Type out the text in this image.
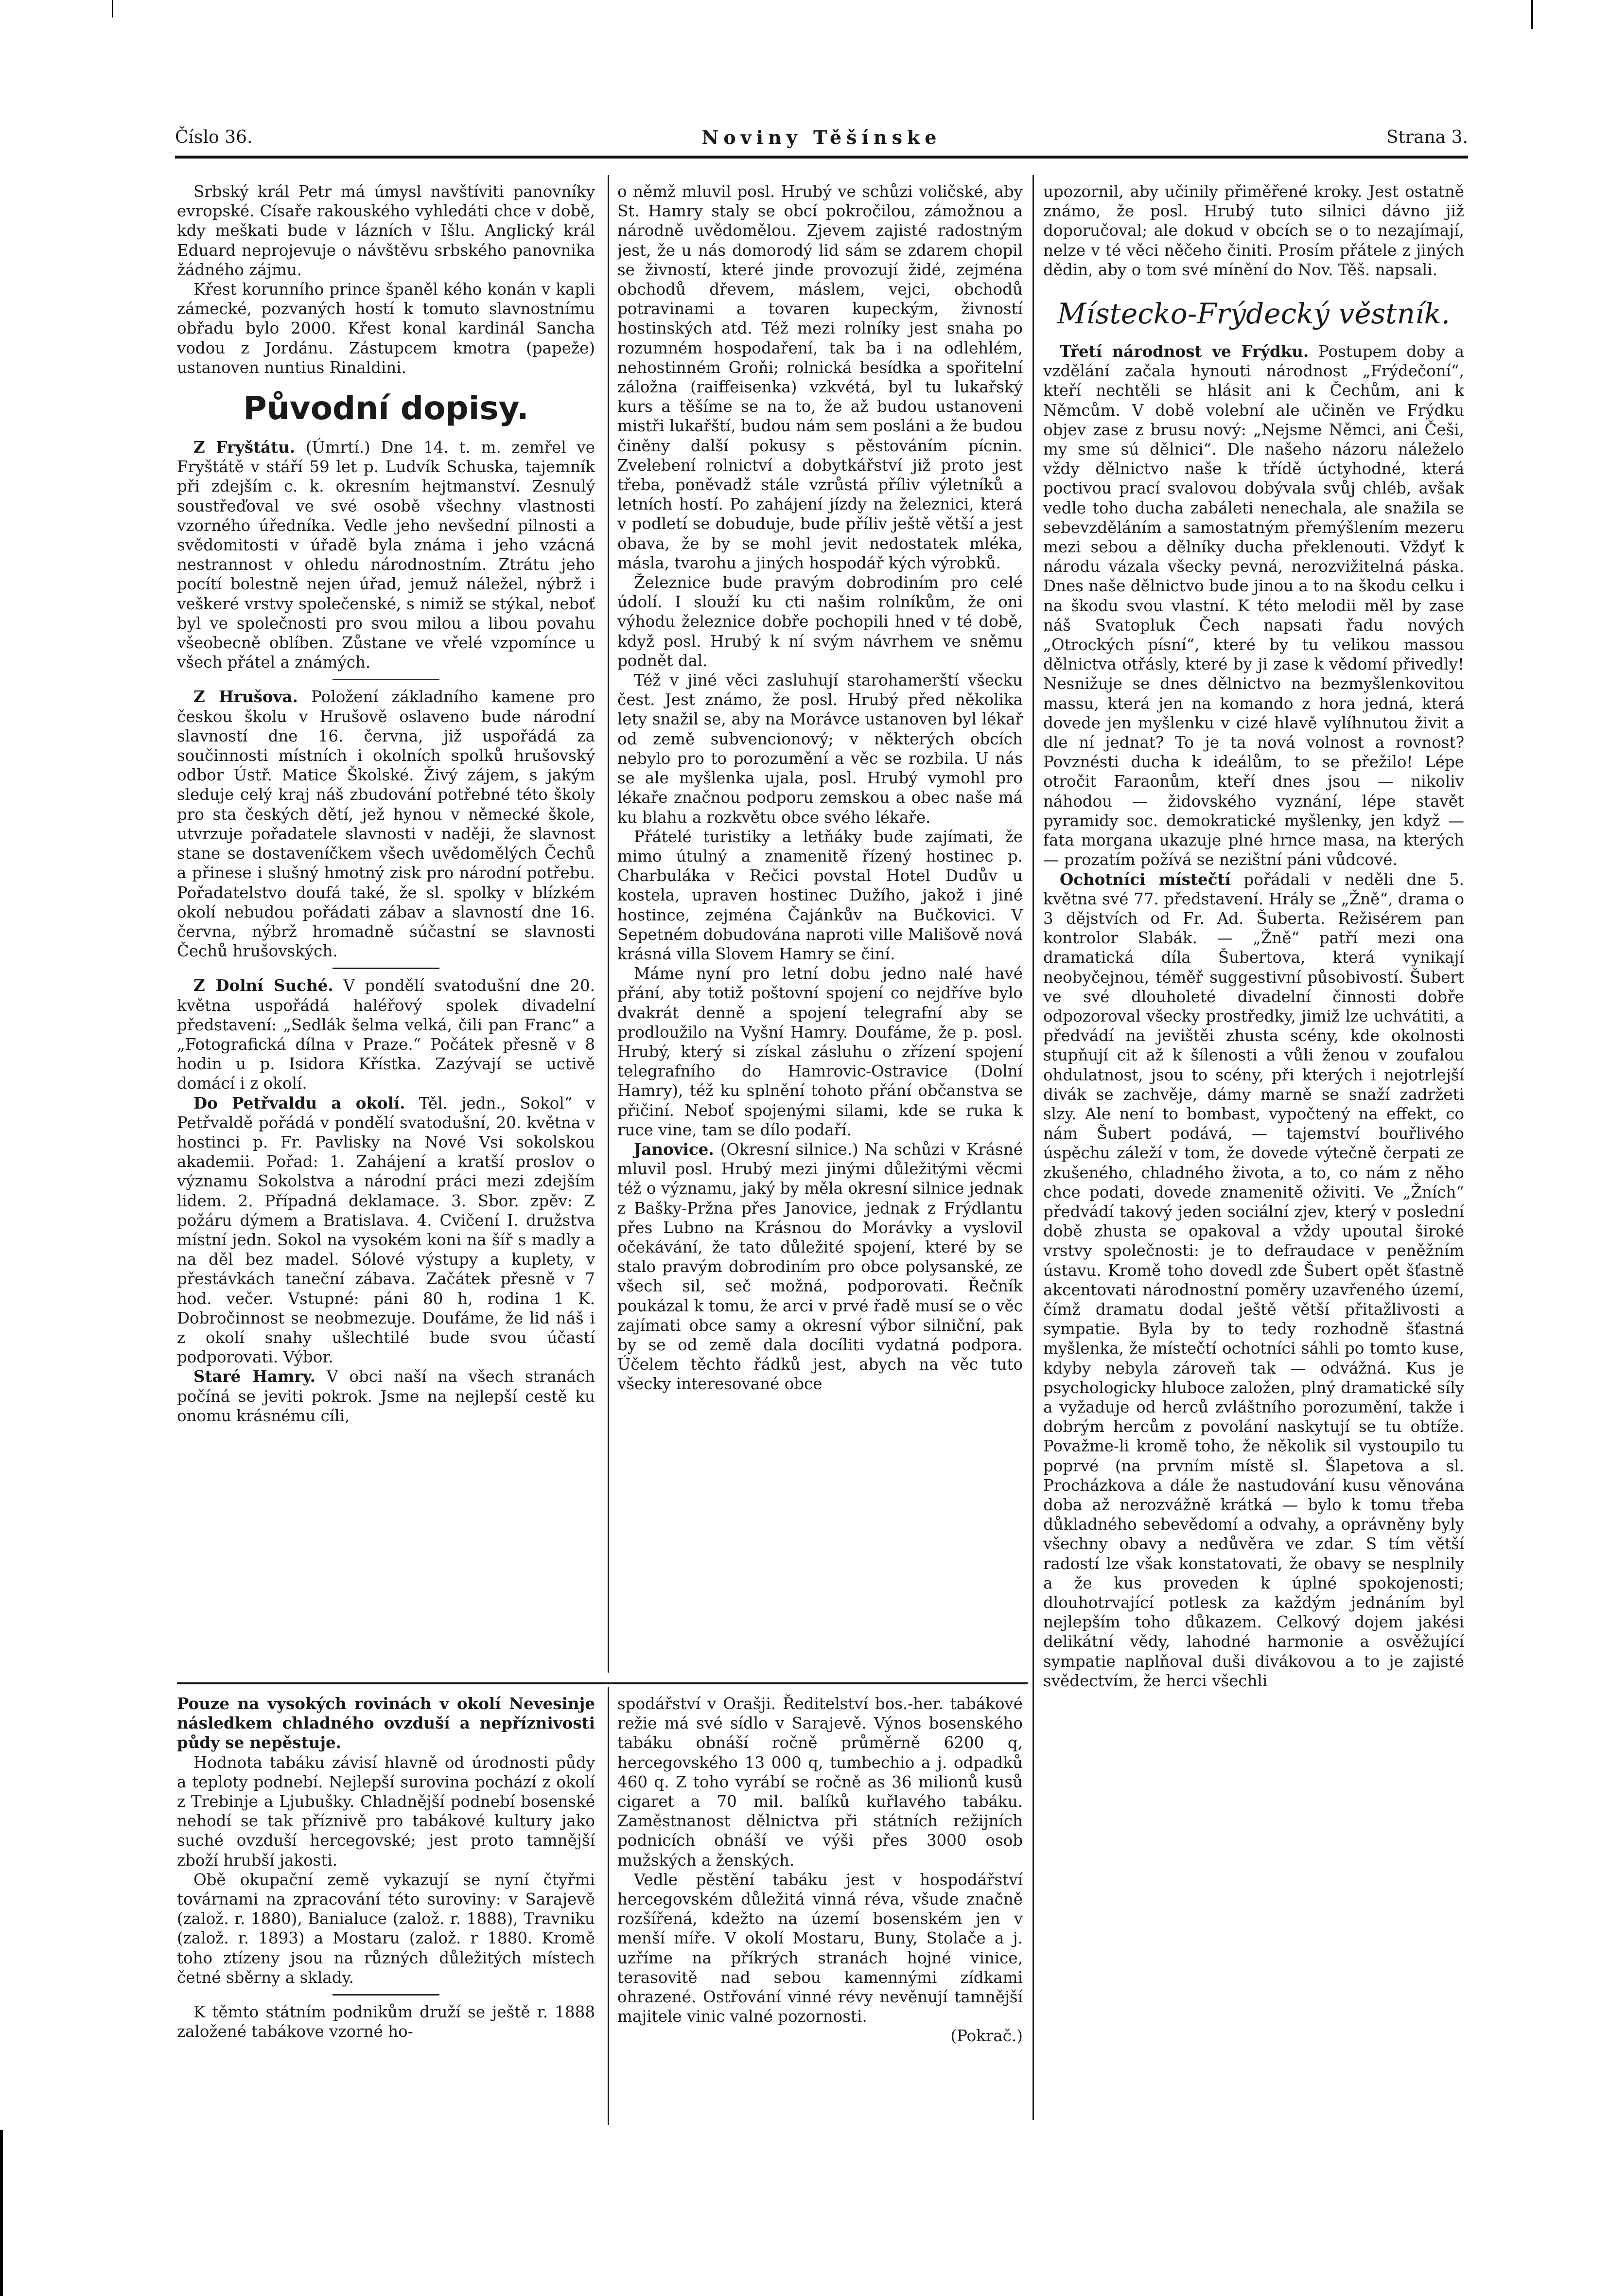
Číslo 36.	Noviny Těšínske	Strana 3.

Srbský král Petr má úmysl navštíviti panovníky evropské. Císaře rakouského vyhledáti chce v době, kdy meškati bude v lázních v Išlu. Anglický král Eduard neprojevuje o návštěvu srbského panovnika žádného zájmu.

Křest korunního prince španěl kého konán v kapli zámecké, pozvaných hostí k tomuto slavnostnímu obřadu bylo 2000. Křest konal kardinál Sancha vodou z Jordánu. Zástupcem kmotra (papeže) ustanoven nuntius Rinaldini.

Původní dopisy.

Z Fryštátu. (Úmrtí.) Dne 14. t. m. zemřel ve Fryštátě v stáří 59 let p. Ludvík Schuska, tajemník při zdejším c. k. okresním hejtmanství. Zesnulý soustřeďoval ve své osobě všechny vlastnosti vzorného úředníka. Vedle jeho nevšední pilnosti a svědomitosti v úřadě byla známa i jeho vzácná nestrannost v ohledu národnostním. Ztrátu jeho pocítí bolestně nejen úřad, jemuž náležel, nýbrž i veškeré vrstvy společenské, s nimiž se stýkal, neboť byl ve společnosti pro svou milou a libou povahu všeobecně oblíben. Zůstane ve vřelé vzpomínce u všech přátel a známých.

Z Hrušova. Položení základního kamene pro českou školu v Hrušově oslaveno bude národní slavností dne 16. června, již uspořádá za součinnosti místních i okolních spolků hrušovský odbor Ústř. Matice Školské. Živý zájem, s jakým sleduje celý kraj náš zbudování potřebné této školy pro sta českých dětí, jež hynou v německé škole, utvrzuje pořadatele slavnosti v naději, že slavnost stane se dostaveníčkem všech uvědomělých Čechů a přinese i slušný hmotný zisk pro národní potřebu. Pořadatelstvo doufá také, že sl. spolky v blízkém okolí nebudou pořádati zábav a slavností dne 16. června, nýbrž hromadně súčastní se slavnosti Čechů hrušovských.

Z Dolní Suché. V pondělí svatodušní dne 20. května uspořádá haléřový spolek divadelní představení: „Sedlák šelma velká, čili pan Franc“ a „Fotografická dílna v Praze.“ Počátek přesně v 8 hodin u p. Isidora Křístka. Zazývají se uctivě domácí i z okolí.

Do Petřvaldu a okolí. Těl. jedn., Sokol“ v Petřvaldě pořádá v pondělí svatodušní, 20. května v hostinci p. Fr. Pavlisky na Nové Vsi sokolskou akademii. Pořad: 1. Zahájení a kratší proslov o významu Sokolstva a národní práci mezi zdejším lidem. 2. Případná deklamace. 3. Sbor. zpěv: Z požáru dýmem a Bratislava. 4. Cvičení I. družstva místní jedn. Sokol na vysokém koni na šíř s madly a na děl bez madel. Sólové výstupy a kuplety, v přestávkách taneční zábava. Začátek přesně v 7 hod. večer. Vstupné: páni 80 h, rodina 1 K. Dobročinnost se neobmezuje. Doufáme, že lid náš i z okolí snahy ušlechtilé bude svou účastí podporovati. Výbor.

Staré Hamry. V obci naší na všech stranách počíná se jeviti pokrok. Jsme na nejlepší cestě ku onomu krásnému cíli,

o němž mluvil posl. Hrubý ve schůzi voličské, aby St. Hamry staly se obcí pokročilou, zámožnou a národně uvědomělou. Zjevem zajisté radostným jest, že u nás domorodý lid sám se zdarem chopil se živností, které jinde provozují židé, zejména obchodů dřevem, máslem, vejci, obchodů potravinami a tovaren kupeckým, živností hostinských atd. Též mezi rolníky jest snaha po rozumném hospodaření, tak ba i na odlehlém, nehostinném Groňi; rolnická besídka a spořitelní záložna (raiffeisenka) vzkvétá, byl tu lukařský kurs a těšíme se na to, že až budou ustanoveni mistři lukařští, budou nám sem posláni a že budou činěny další pokusy s pěstováním pícnin. Zvelebení rolnictví a dobytkářství již proto jest třeba, poněvadž stále vzrůstá příliv výletníků a letních hostí. Po zahájení jízdy na železnici, která v podletí se dobuduje, bude příliv ještě větší a jest obava, že by se mohl jevit nedostatek mléka, másla, tvarohu a jiných hospodář kých výrobků.

Železnice bude pravým dobrodiním pro celé údolí. I slouží ku cti našim rolníkům, že oni výhodu železnice dobře pochopili hned v té době, když posl. Hrubý k ní svým návrhem ve sněmu podnět dal.

Též v jiné věci zasluhují starohamerští všecku čest. Jest známo, že posl. Hrubý před několika lety snažil se, aby na Morávce ustanoven byl lékař od země subvencionový; v některých obcích nebylo pro to porozumění a věc se rozbila. U nás se ale myšlenka ujala, posl. Hrubý vymohl pro lékaře značnou podporu zemskou a obec naše má ku blahu a rozkvětu obce svého lékaře.

Přátelé turistiky a letňáky bude zajímati, že mimo útulný a znamenitě řízený hostinec p. Charbuláka v Rečici povstal Hotel Dudův u kostela, upraven hostinec Dužího, jakož i jiné hostince, zejména Čajánkův na Bučkovici. V Sepetném dobudována naproti ville Mališově nová krásná villa Slovem Hamry se činí.

Máme nyní pro letní dobu jedno nalé havé přání, aby totiž poštovní spojení co nejdříve bylo dvakrát denně a spojení telegrafní aby se prodloužilo na Vyšní Hamry. Doufáme, že p. posl. Hrubý, který si získal zásluhu o zřízení spojení telegrafního do Hamrovic-Ostravice (Dolní Hamry), též ku splnění tohoto přání občanstva se přičiní. Neboť spojenými silami, kde se ruka k ruce vine, tam se dílo podaří.

Janovice. (Okresní silnice.) Na schůzi v Krásné mluvil posl. Hrubý mezi jinými důležitými věcmi též o významu, jaký by měla okresní silnice jednak z Bašky-Pržna přes Janovice, jednak z Frýdlantu přes Lubno na Krásnou do Morávky a vyslovil očekávání, že tato důležité spojení, které by se stalo pravým dobrodiním pro obce polysanské, ze všech sil, seč možná, podporovati. Řečník poukázal k tomu, že arci v prvé řadě musí se o věc zajímati obce samy a okresní výbor silniční, pak by se od země dala docíliti vydatná podpora. Účelem těchto řádků jest, abych na věc tuto všecky interesované obce

upozornil, aby učinily přiměřené kroky. Jest ostatně známo, že posl. Hrubý tuto silnici dávno již doporučoval; ale dokud v obcích se o to nezajímají, nelze v té věci něčeho činiti. Prosím přátele z jiných dědin, aby o tom své mínění do Nov. Těš. napsali.

Místecko-Frýdecký věstník.

Třetí národnost ve Frýdku. Postupem doby a vzdělání začala hynouti národnost „Frýdečoní“, kteří nechtěli se hlásit ani k Čechům, ani k Němcům. V době volební ale učiněn ve Frýdku objev zase z brusu nový: „Nejsme Němci, ani Češi, my sme sú dělnici“. Dle našeho názoru náleželo vždy dělnictvo naše k třídě úctyhodné, která poctivou prací svalovou dobývala svůj chléb, avšak vedle toho ducha zabáleti nenechala, ale snažila se sebevzděláním a samostatným přemýšlením mezeru mezi sebou a dělníky ducha překlenouti. Vždyť k národu vázala všecky pevná, nerozvižitelná páska. Dnes naše dělnictvo bude jinou a to na škodu celku i na škodu svou vlastní. K této melodii měl by zase náš Svatopluk Čech napsati řadu nových „Otrockých písní“, které by tu velikou massou dělnictva otřásly, které by ji zase k vědomí přivedly! Nesnižuje se dnes dělnictvo na bezmyšlenkovitou massu, která jen na komando z hora jedná, která dovede jen myšlenku v cizé hlavě vylíhnutou živit a dle ní jednat? To je ta nová volnost a rovnost? Povznésti ducha k ideálům, to se přežilo! Lépe otročit Faraonům, kteří dnes jsou — nikoliv náhodou — židovského vyznání, lépe stavět pyramidy soc. demokratické myšlenky, jen když — fata morgana ukazuje plné hrnce masa, na kterých — prozatím požívá se nezištní páni vůdcové.

Ochotníci místečtí pořádali v neděli dne 5. května své 77. představení. Hrály se „Žně“, drama o 3 dějstvích od Fr. Ad. Šuberta. Režisérem pan kontrolor Slabák. — „Žně“ patří mezi ona dramatická díla Šubertova, která vynikají neobyčejnou, téměř suggestivní působivostí. Šubert ve své dlouholeté divadelní činnosti dobře odpozoroval všecky prostředky, jimiž lze uchvátiti, a předvádí na jevištěi zhusta scény, kde okolnosti stupňují cit až k šílenosti a vůli ženou v zoufalou ohdulatnost, jsou to scény, při kterých i nejotrlejší divák se zachvěje, dámy marně se snaží zadržeti slzy. Ale není to bombast, vypočtený na effekt, co nám Šubert podává, — tajemství bouřlivého úspěchu záleží v tom, že dovede výtečně čerpati ze zkušeného, chladného života, a to, co nám z něho chce podati, dovede znamenitě oživiti. Ve „Žních“ předvádí takový jeden sociální zjev, který v poslední době zhusta se opakoval a vždy upoutal široké vrstvy společnosti: je to defraudace v peněžním ústavu. Kromě toho dovedl zde Šubert opět šťastně akcentovati národnostní poměry uzavřeného území, čímž dramatu dodal ještě větší přitažlivosti a sympatie. Byla by to tedy rozhodně šťastná myšlenka, že místečtí ochotníci sáhli po tomto kuse, kdyby nebyla zároveň tak — odvážná. Kus je psychologicky hluboce založen, plný dramatické síly a vyžaduje od herců zvláštního porozumění, takže i dobrým hercům z povolání naskytují se tu obtíže. Považme-li kromě toho, že několik sil vystoupilo tu poprvé (na prvním místě sl. Šlapetova a sl. Procházkova a dále že nastudování kusu věnována doba až nerozvážně krátká — bylo k tomu třeba důkladného sebevědomí a odvahy, a oprávněny byly všechny obavy a nedůvěra ve zdar. S tím větší radostí lze však konstatovati, že obavy se nesplnily a že kus proveden k úplné spokojenosti; dlouhotrvající potlesk za každým jednáním byl nejlepším toho důkazem. Celkový dojem jakési delikátní vědy, lahodné harmonie a osvěžující sympatie naplňoval duši divákovou a to je zajisté svědectvím, že herci všechli

Pouze na vysokých rovinách v okolí Nevesinje následkem chladného ovzduší a nepříznivosti půdy se nepěstuje.

Hodnota tabáku závisí hlavně od úrodnosti půdy a teploty podnebí. Nejlepší surovina pochází z okolí z Trebinje a Ljubušky. Chladnější podnebí bosenské nehodí se tak příznivě pro tabákové kultury jako suché ovzduší hercegovské; jest proto tamnější zboží hrubší jakosti.

Obě okupační země vykazují se nyní čtyřmi továrnami na zpracování této suroviny: v Sarajevě (založ. r. 1880), Banialuce (založ. r. 1888), Travniku (založ. r. 1893) a Mostaru (založ. r 1880. Kromě toho ztízeny jsou na různých důležitých místech četné sběrny a sklady.

K těmto státním podnikům druží se ještě r. 1888 založené tabákove vzorné ho-

spodářství v Orašji. Ředitelství bos.-her. tabákové režie má své sídlo v Sarajevě. Výnos bosenského tabáku obnáší ročně průměrně 6200 q, hercegovského 13 000 q, tumbechio a j. odpadků 460 q. Z toho vyrábí se ročně as 36 milionů kusů cigaret a 70 mil. balíků kuřlavého tabáku. Zaměstnanost dělnictva při státních režijních podnicích obnáší ve výši přes 3000 osob mužských a ženských.

Vedle pěstění tabáku jest v hospodářství hercegovském důležitá vinná réva, všude značně rozšířená, kdežto na území bosenském jen v menší míře. V okolí Mostaru, Buny, Stolače a j. uzříme na příkrých stranách hojné vinice, terasovitě nad sebou kamennými zídkami ohrazené. Ostřování vinné révy nevěnují tamnější majitele vinic valné pozornosti.

(Pokrač.)
